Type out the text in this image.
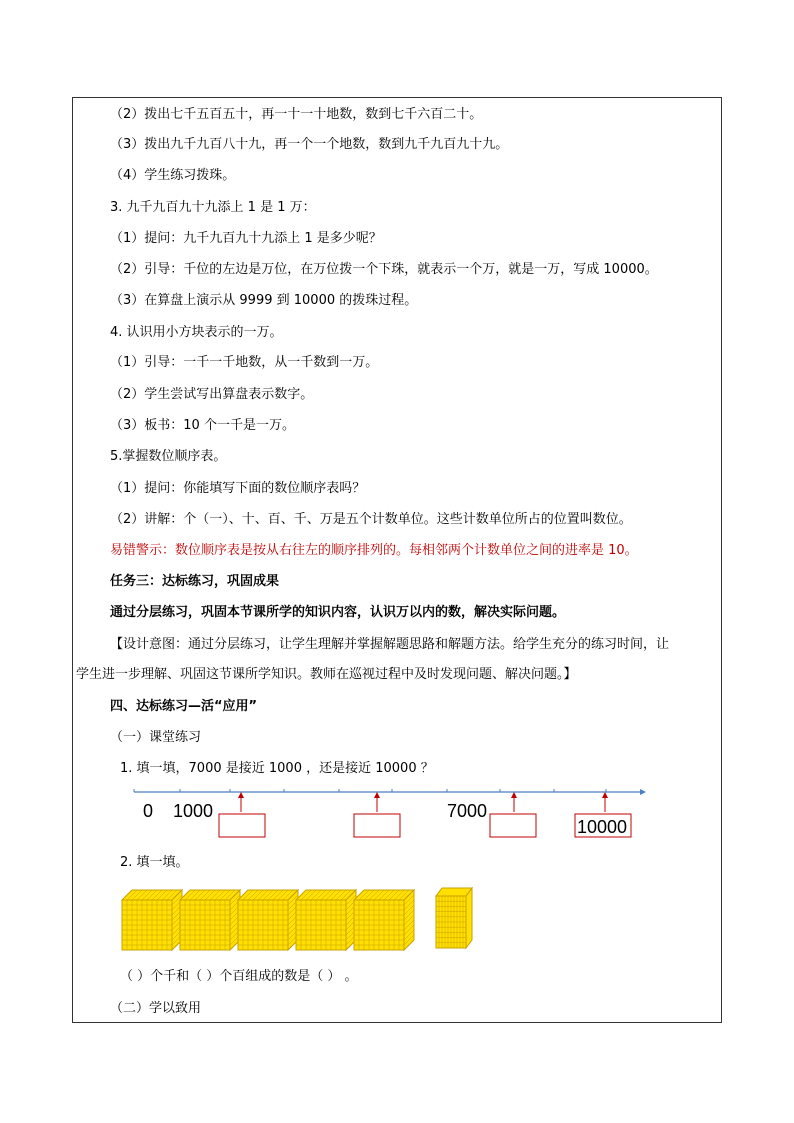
（2）拨出七千五百五十，再一十一十地数，数到七千六百二十。
（3）拨出九千九百八十九，再一个一个地数，数到九千九百九十九。
（4）学生练习拨珠。
3. 九千九百九十九添上 1 是 1 万：
（1）提问：九千九百九十九添上 1 是多少呢？
（2）引导：千位的左边是万位，在万位拨一个下珠，就表示一个万，就是一万，写成 10000。
（3）在算盘上演示从 9999 到 10000 的拨珠过程。
4. 认识用小方块表示的一万。
（1）引导：一千一千地数，从一千数到一万。
（2）学生尝试写出算盘表示数字。
（3）板书：10 个一千是一万。
5.掌握数位顺序表。
（1）提问：你能填写下面的数位顺序表吗？
（2）讲解：个（一）、十、百、千、万是五个计数单位。这些计数单位所占的位置叫数位。
易错警示：数位顺序表是按从右往左的顺序排列的。每相邻两个计数单位之间的进率是 10。
任务三：达标练习，巩固成果
通过分层练习，巩固本节课所学的知识内容，认识万以内的数，解决实际问题。
【设计意图：通过分层练习，让学生理解并掌握解题思路和解题方法。给学生充分的练习时间，让
学生进一步理解、巩固这节课所学知识。教师在巡视过程中及时发现问题、解决问题。】
四、达标练习—活“应用”
（一）课堂练习
1. 填一填，7000 是接近 1000 ，还是接近 10000 ？
2. 填一填。
（二）学以致用
0 1000	7000
10000
（ ）个千和（ ）个百组成的数是（ ） 。
